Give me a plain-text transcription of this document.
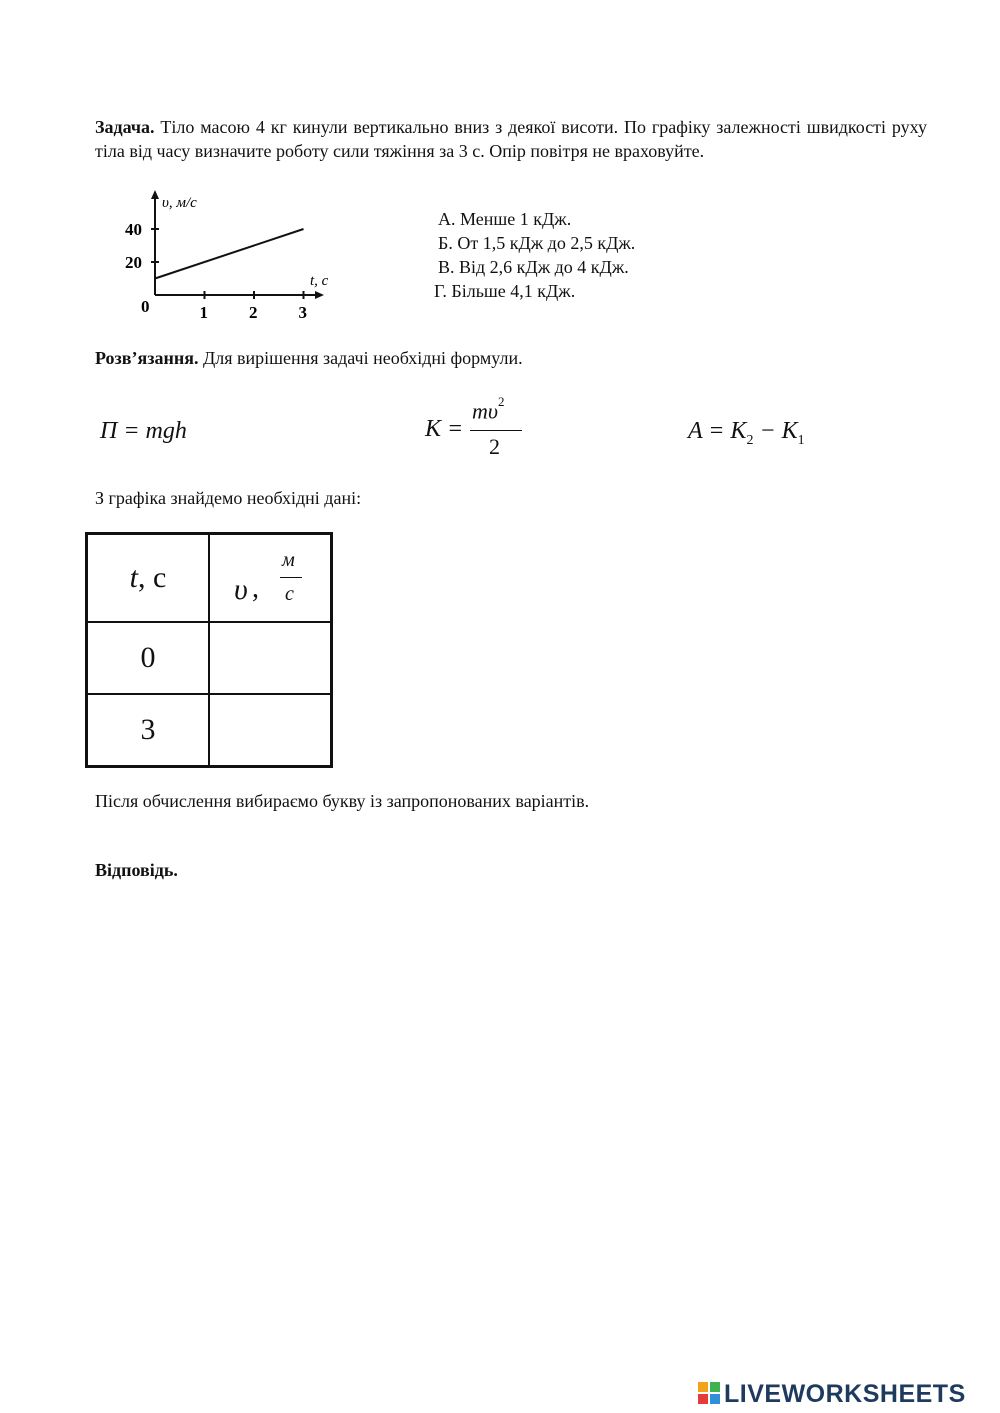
Задача. Тіло масою 4 кг кинули вертикально вниз з деякої висоти. По графіку залежності швидкості руху тіла від часу визначите роботу сили тяжіння за 3 с. Опір повітря не враховуйте.
1 2 3
20
40
υ, м/с
t, с
0
А. Менше 1 кДж.
Б. От 1,5 кДж до 2,5 кДж.
В. Від 2,6 кДж до 4 кДж.
Г. Більше 4,1 кДж.
Розв’язання. Для вирішення задачі необхідні формули.
П = mgh	K =
$m\upsilon^2$
2
$A = K_2 - K_1$
З графіка знайдемо необхідні дані:
t, с	υ ,
м
с

0	
3	
Після обчислення вибираємо букву із запропонованих варіантів.
Відповідь.
LIVEWORKSHEETS
